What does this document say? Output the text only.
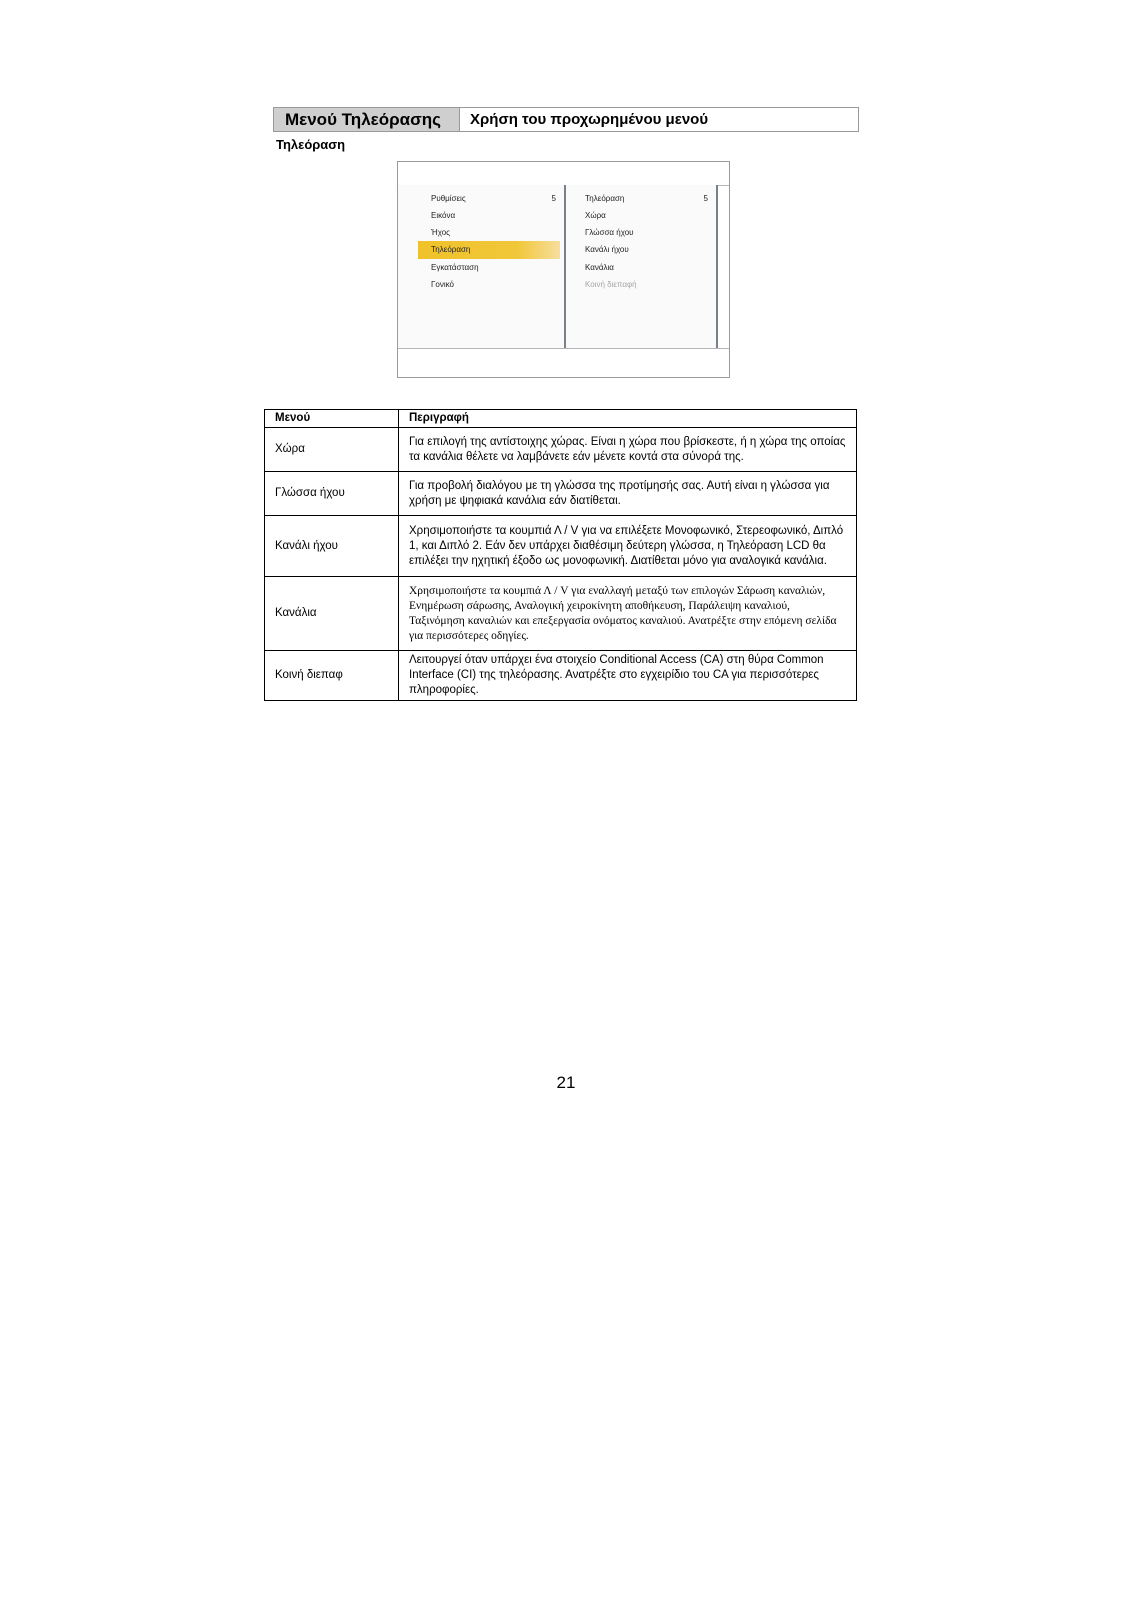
Μενού Τηλεόρασης	Χρήση του προχωρημένου μενού
Τηλεόραση
Ρυθμίσεις	5
Εικόνα
Ήχος
Τηλεόραση
Εγκατάσταση
Γονικό
Τηλεόραση	5
Χώρα
Γλώσσα ήχου
Κανάλι ήχου
Κανάλια
Κοινή διεπαφή
Μενού	Περιγραφή
Χώρα	Για επιλογή της αντίστοιχης χώρας. Είναι η χώρα που βρίσκεστε, ή η χώρα της οποίας τα κανάλια θέλετε να λαμβάνετε εάν μένετε κοντά στα σύνορά της.
Γλώσσα ήχου	Για προβολή διαλόγου με τη γλώσσα της προτίμησής σας. Αυτή είναι η γλώσσα για χρήση με ψηφιακά κανάλια εάν διατίθεται.
Κανάλι ήχου	Χρησιμοποιήστε τα κουμπιά Λ / V για να επιλέξετε Μονοφωνικό, Στερεοφωνικό, Διπλό 1, και Διπλό 2. Εάν δεν υπάρχει διαθέσιμη δεύτερη γλώσσα, η Τηλεόραση LCD θα επιλέξει την ηχητική έξοδο ως μονοφωνική. Διατίθεται μόνο για αναλογικά κανάλια.
Κανάλια	Χρησιμοποιήστε τα κουμπιά Λ / V για εναλλαγή μεταξύ των επιλογών Σάρωση καναλιών, Ενημέρωση σάρωσης, Αναλογική χειροκίνητη αποθήκευση, Παράλειψη καναλιού, Ταξινόμηση καναλιών και επεξεργασία ονόματος καναλιού. Ανατρέξτε στην επόμενη σελίδα για περισσότερες οδηγίες.
Κοινή διεπαφ	Λειτουργεί όταν υπάρχει ένα στοιχείο Conditional Access (CA) στη θύρα Common Interface (CI) της τηλεόρασης. Ανατρέξτε στο εγχειρίδιο του CA για περισσότερες πληροφορίες.
21
